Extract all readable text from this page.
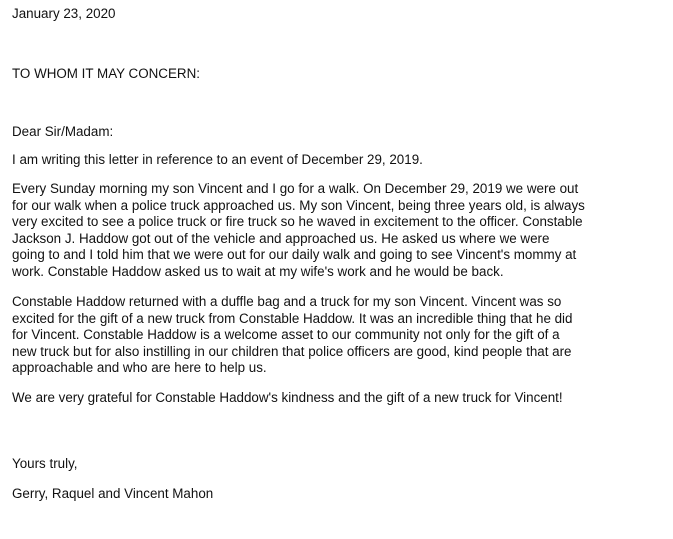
January 23, 2020
TO WHOM IT MAY CONCERN:
Dear Sir/Madam:
I am writing this letter in reference to an event of December 29, 2019.
Every Sunday morning my son Vincent and I go for a walk. On December 29, 2019 we were out
for our walk when a police truck approached us. My son Vincent, being three years old, is always
very excited to see a police truck or fire truck so he waved in excitement to the officer. Constable
Jackson J. Haddow got out of the vehicle and approached us. He asked us where we were
going to and I told him that we were out for our daily walk and going to see Vincent's mommy at
work. Constable Haddow asked us to wait at my wife's work and he would be back.
Constable Haddow returned with a duffle bag and a truck for my son Vincent. Vincent was so
excited for the gift of a new truck from Constable Haddow. It was an incredible thing that he did
for Vincent. Constable Haddow is a welcome asset to our community not only for the gift of a
new truck but for also instilling in our children that police officers are good, kind people that are
approachable and who are here to help us.
We are very grateful for Constable Haddow's kindness and the gift of a new truck for Vincent!
Yours truly,
Gerry, Raquel and Vincent Mahon
